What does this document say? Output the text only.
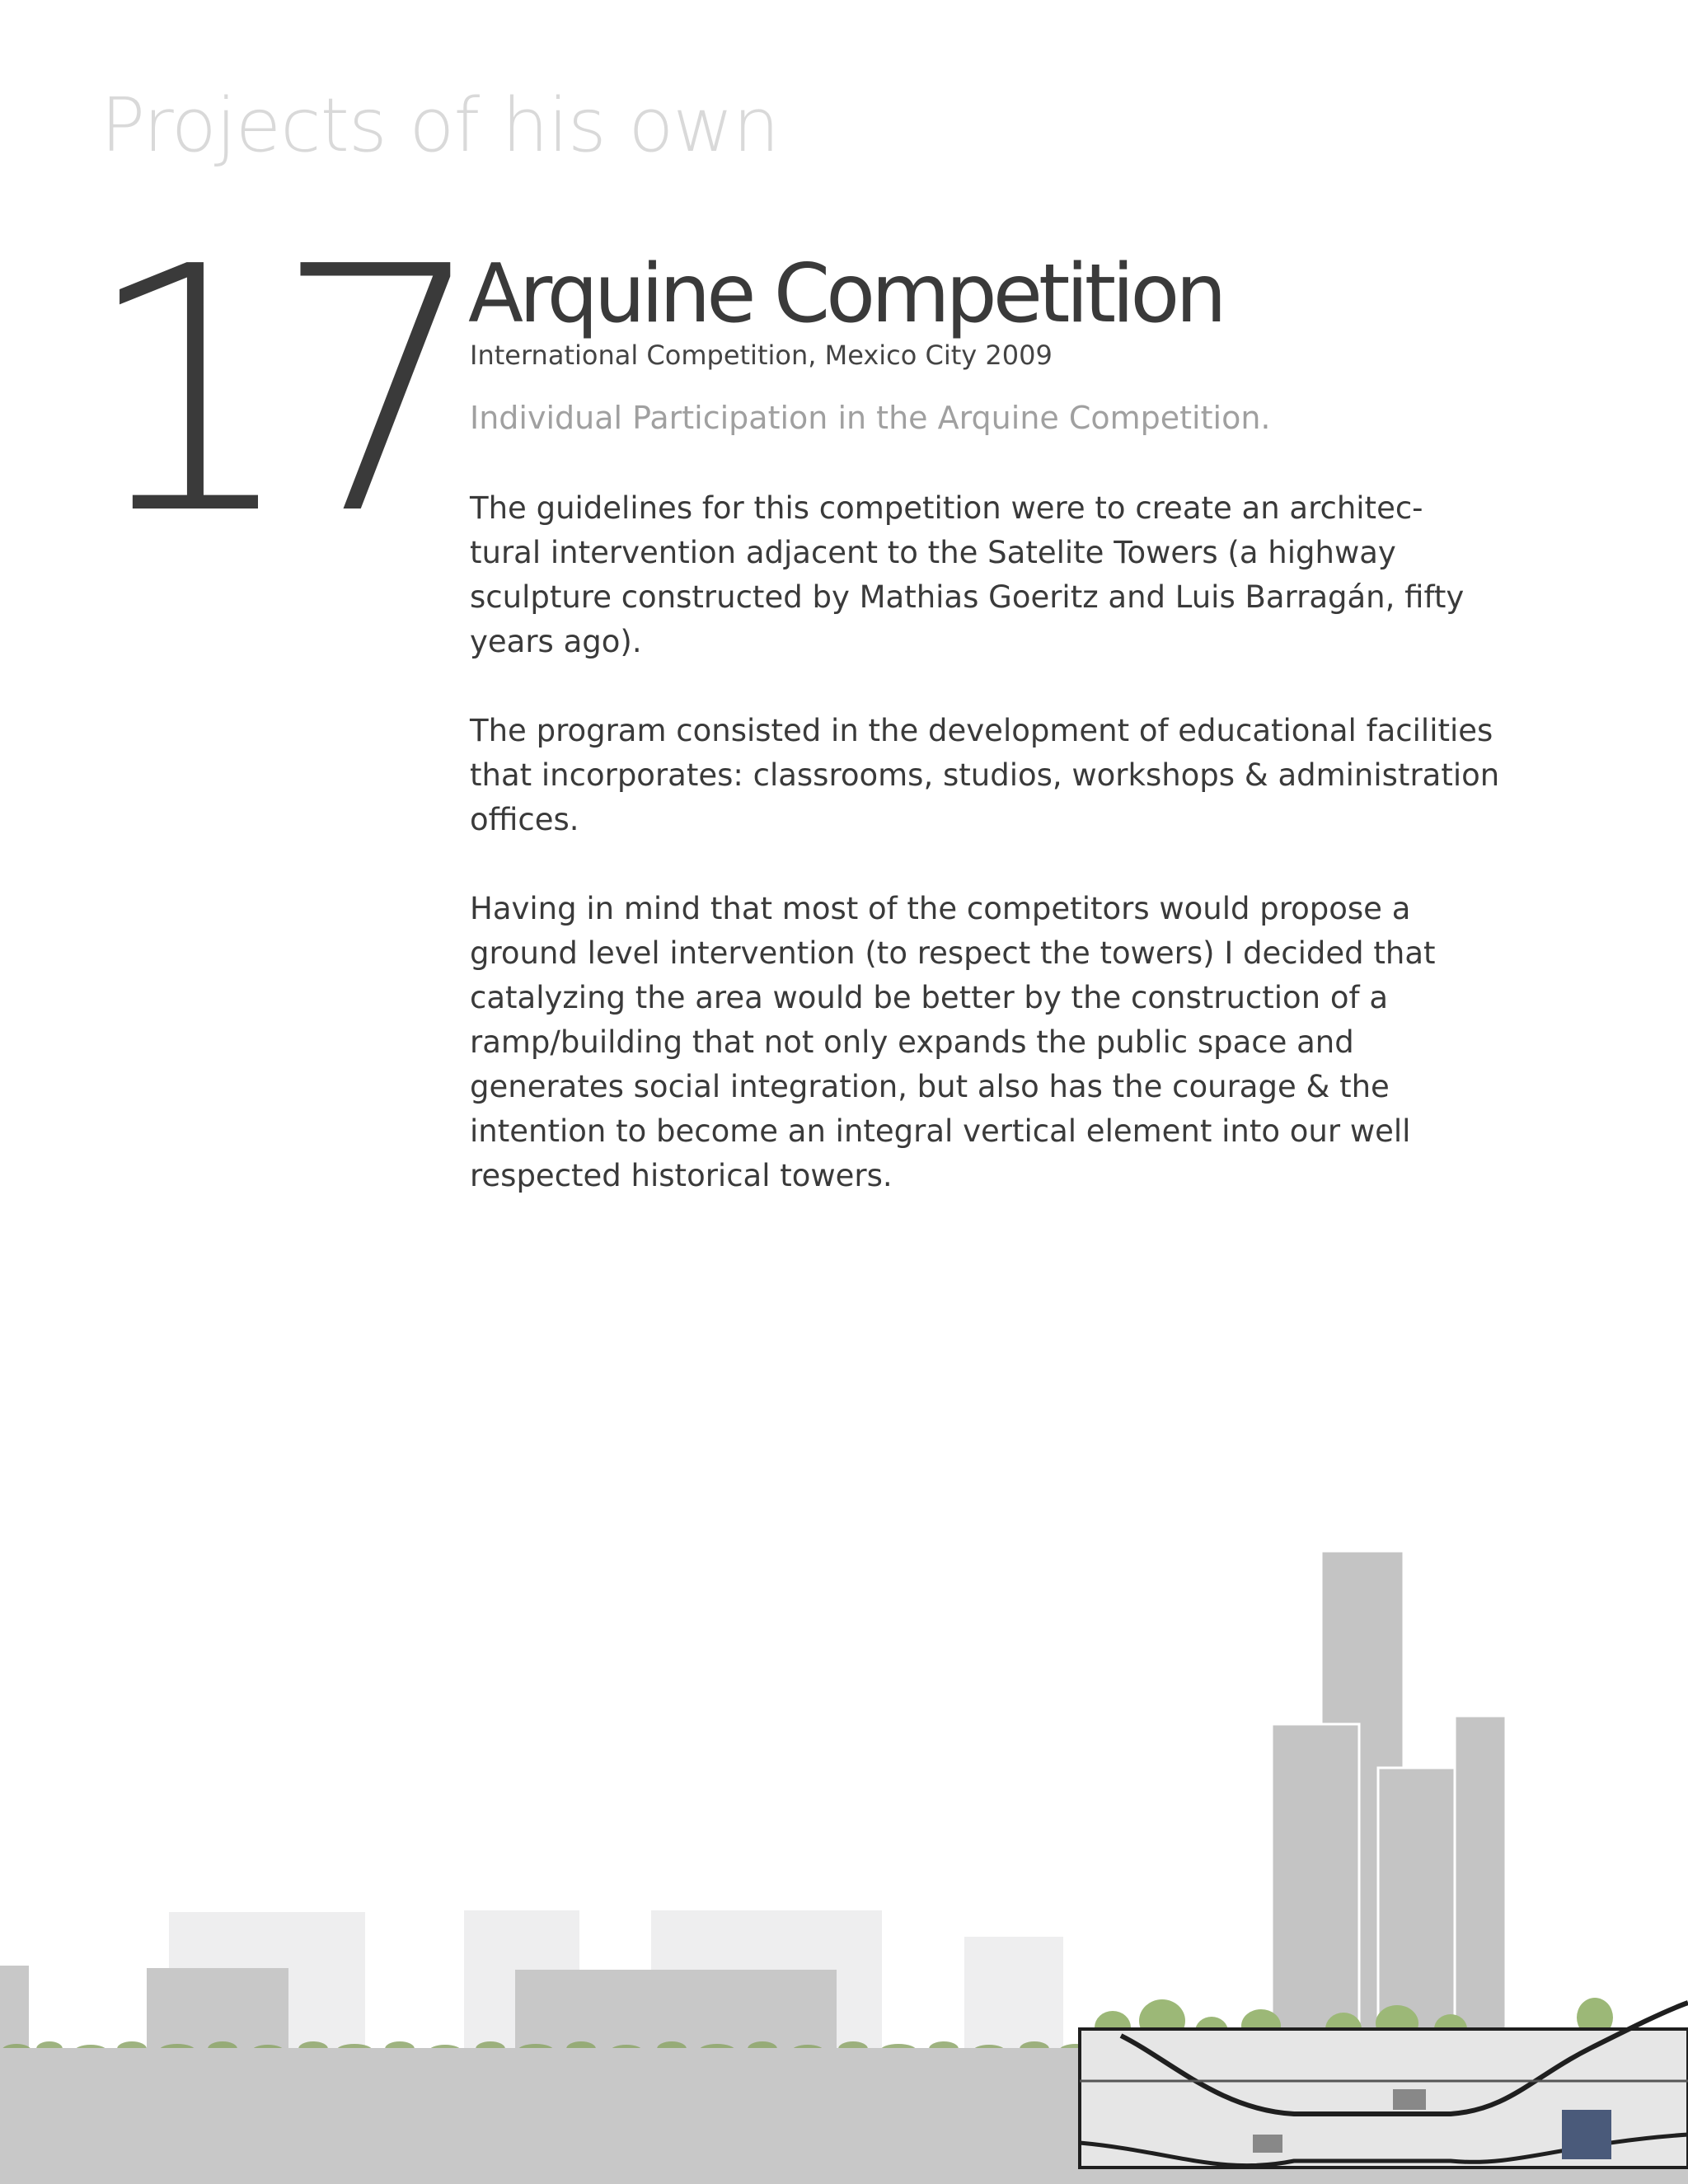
Projects of his own
17 Arquine Competition
International Competition, Mexico City 2009
Individual Participation in the Arquine Competition.

The guidelines for this competition were to create an architec- tural intervention adjacent to the Satelite Towers (a highway sculpture constructed by Mathias Goeritz and Luis Barragán, fifty years ago).

The program consisted in the development of educational facilities that incorporates: classrooms, studios, workshops & administration offices.

Having in mind that most of the competitors would propose a ground level intervention (to respect the towers) I decided that catalyzing the area would be better by the construction of a ramp/building that not only expands the public space and generates social integration, but also has the courage & the intention to become an integral vertical element into our well respected historical towers.
